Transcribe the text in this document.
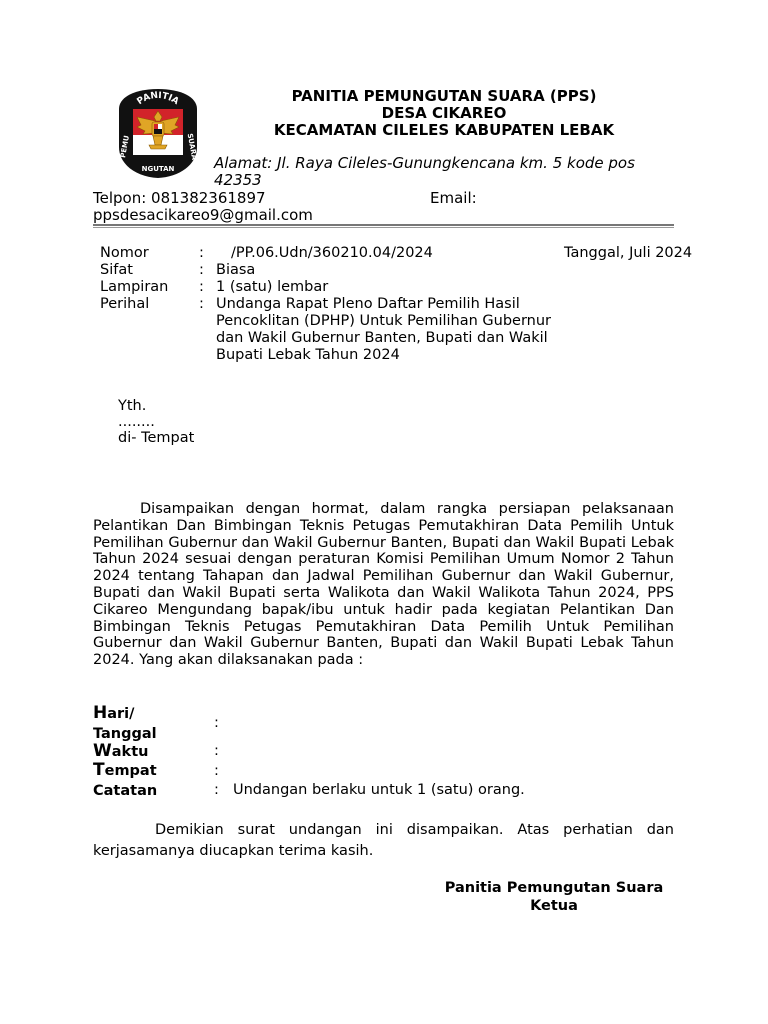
PANITIA
PEMU	SUARA
NGUTAN
PANITIA PEMUNGUTAN SUARA (PPS)
DESA CIKAREO
KECAMATAN CILELES KABUPATEN LEBAK
Alamat: Jl. Raya Cileles-Gunungkencana km. 5 kode pos 42353
Telpon: 081382361897	Email:
ppsdesacikareo9@gmail.com
Nomor	:	/PP.06.Udn/360210.04/2024	Tanggal, Juli 2024
Sifat	: Biasa
Lampiran	: 1 (satu) lembar
Perihal	: Undanga Rapat Pleno Daftar Pemilih Hasil Pencoklitan (DPHP) Untuk Pemilihan Gubernur dan Wakil Gubernur Banten, Bupati dan Wakil Bupati Lebak Tahun 2024
Yth.
........
di- Tempat
Disampaikan dengan hormat, dalam rangka persiapan pelaksanaan Pelantikan Dan Bimbingan Teknis Petugas Pemutakhiran Data Pemilih Untuk Pemilihan Gubernur dan Wakil Gubernur Banten, Bupati dan Wakil Bupati Lebak Tahun 2024 sesuai dengan peraturan Komisi Pemilihan Umum Nomor 2 Tahun 2024 tentang Tahapan dan Jadwal Pemilihan Gubernur dan Wakil Gubernur, Bupati dan Wakil Bupati serta Walikota dan Wakil Walikota Tahun 2024, PPS Cikareo Mengundang bapak/ibu untuk hadir pada kegiatan Pelantikan Dan Bimbingan Teknis Petugas Pemutakhiran Data Pemilih Untuk Pemilihan Gubernur dan Wakil Gubernur Banten, Bupati dan Wakil Bupati Lebak Tahun 2024. Yang akan dilaksanakan pada :
Hari/
Tanggal
:
Waktu	:
Tempat	:
Catatan	: Undangan berlaku untuk 1 (satu) orang.
Demikian surat undangan ini disampaikan. Atas perhatian dan kerjasamanya diucapkan terima kasih.
Panitia Pemungutan Suara
Ketua
